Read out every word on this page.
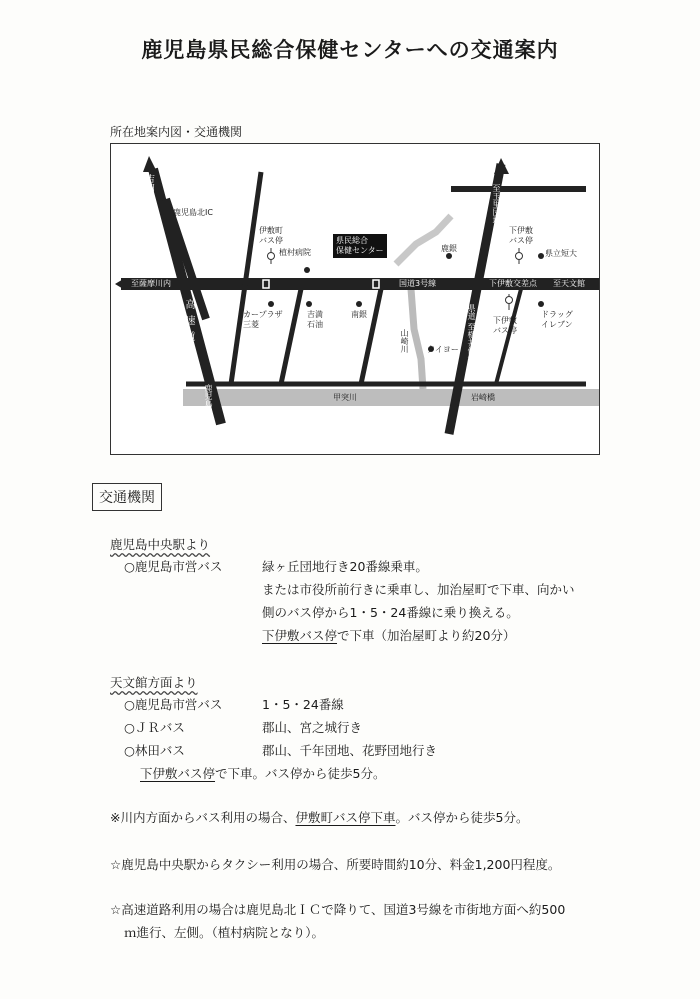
鹿児島県民総合保健センターへの交通案内
所在地案内図・交通機関
吉田IC
鹿児島北IC
伊敷町
バス停
植村病院
県民総合
保健センター	鹿銀
下伊敷
バス停
県立短大
至薩摩川内	国道3号線	下伊敷交差点 至天文館
カープラザ
三菱
吉満
石油
南銀
下伊敷
バス停
ドラッグ
イレブン
高速道路	山崎川 タイヨー
至玉里団地
県道 至横井伊集院
甲突川	岩崎橋
鹿児島IC
交通機関
鹿児島中央駅より
○鹿児島市営バス	緑ヶ丘団地行き20番線乗車。
または市役所前行きに乗車し、加治屋町で下車、向かい
側のバス停から1・5・24番線に乗り換える。
下伊敷バス停で下車（加治屋町より約20分）
天文館方面より
○鹿児島市営バス	1・5・24番線
○ＪＲバス	郡山、宮之城行き
○林田バス	郡山、千年団地、花野団地行き
下伊敷バス停で下車。バス停から徒歩5分。
※川内方面からバス利用の場合、伊敷町バス停下車。バス停から徒歩5分。
☆鹿児島中央駅からタクシー利用の場合、所要時間約10分、料金1,200円程度。
☆高速道路利用の場合は鹿児島北ＩＣで降りて、国道3号線を市街地方面へ約500
ｍ進行、左側。（植村病院となり）。
